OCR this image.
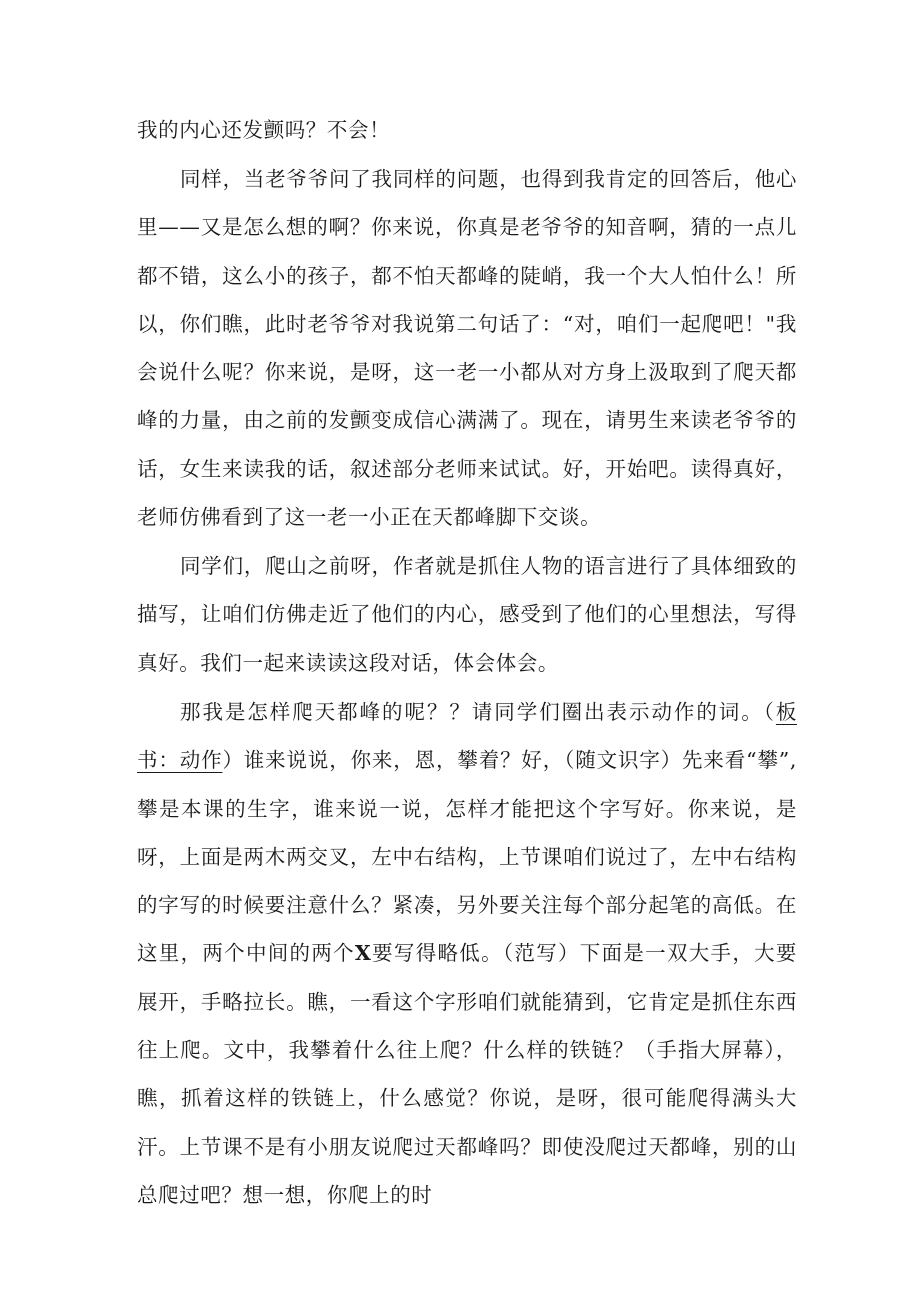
我的内心还发颤吗？不会！

同样，当老爷爷问了我同样的问题，也得到我肯定的回答后，他心里——又是怎么想的啊？你来说，你真是老爷爷的知音啊，猜的一点儿都不错，这么小的孩子，都不怕天都峰的陡峭，我一个大人怕什么！所以，你们瞧，此时老爷爷对我说第二句话了：“对，咱们一起爬吧！"我会说什么呢？你来说，是呀，这一老一小都从对方身上汲取到了爬天都峰的力量，由之前的发颤变成信心满满了。现在，请男生来读老爷爷的话，女生来读我的话，叙述部分老师来试试。好，开始吧。读得真好，老师仿佛看到了这一老一小正在天都峰脚下交谈。

同学们，爬山之前呀，作者就是抓住人物的语言进行了具体细致的描写，让咱们仿佛走近了他们的内心，感受到了他们的心里想法，写得真好。我们一起来读读这段对话，体会体会。

那我是怎样爬天都峰的呢？？请同学们圈出表示动作的词。（板书：动作）谁来说说，你来，恩，攀着？好，（随文识字）先来看“攀”,攀是本课的生字，谁来说一说，怎样才能把这个字写好。你来说，是呀，上面是两木两交叉，左中右结构，上节课咱们说过了，左中右结构的字写的时候要注意什么？紧凑，另外要关注每个部分起笔的高低。在这里，两个中间的两个X要写得略低。（范写）下面是一双大手，大要展开，手略拉长。瞧，一看这个字形咱们就能猜到，它肯定是抓住东西往上爬。文中，我攀着什么往上爬？什么样的铁链？（手指大屏幕），瞧，抓着这样的铁链上，什么感觉？你说，是呀，很可能爬得满头大汗。上节课不是有小朋友说爬过天都峰吗？即使没爬过天都峰，别的山总爬过吧？想一想，你爬上的时
